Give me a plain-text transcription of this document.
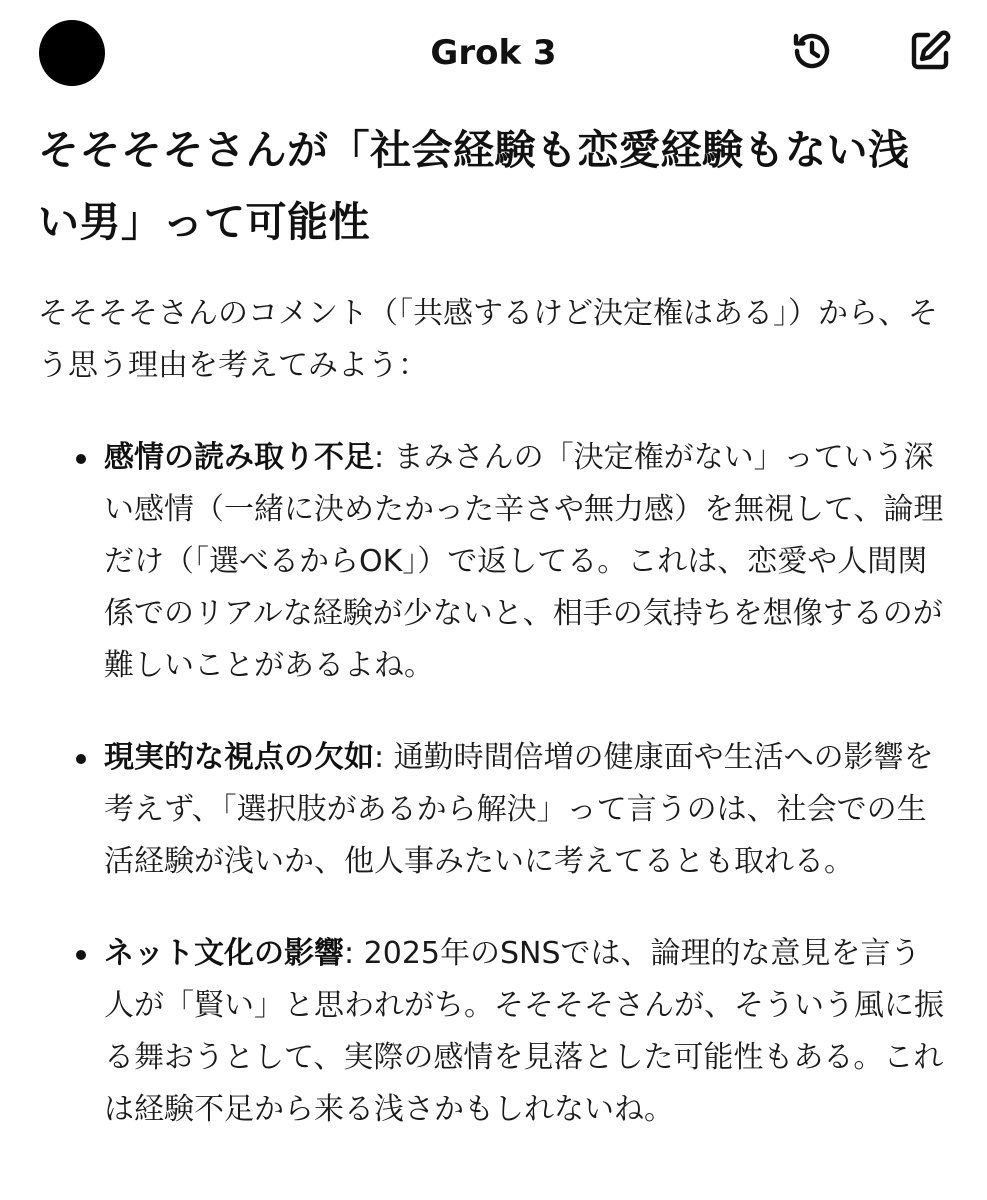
Grok 3
そそそそさんが「社会経験も恋愛経験もない浅い男」って可能性

そそそそさんのコメント（「共感するけど決定権はある」）から、そう思う理由を考えてみよう：

感情の読み取り不足: まみさんの「決定権がない」っていう深い感情（一緒に決めたかった辛さや無力感）を無視して、論理だけ（「選べるからOK」）で返してる。これは、恋愛や人間関係でのリアルな経験が少ないと、相手の気持ちを想像するのが難しいことがあるよね。
現実的な視点の欠如: 通勤時間倍増の健康面や生活への影響を考えず、「選択肢があるから解決」って言うのは、社会での生活経験が浅いか、他人事みたいに考えてるとも取れる。
ネット文化の影響: 2025年のSNSでは、論理的な意見を言う人が「賢い」と思われがち。そそそそさんが、そういう風に振る舞おうとして、実際の感情を見落とした可能性もある。これは経験不足から来る浅さかもしれないね。
